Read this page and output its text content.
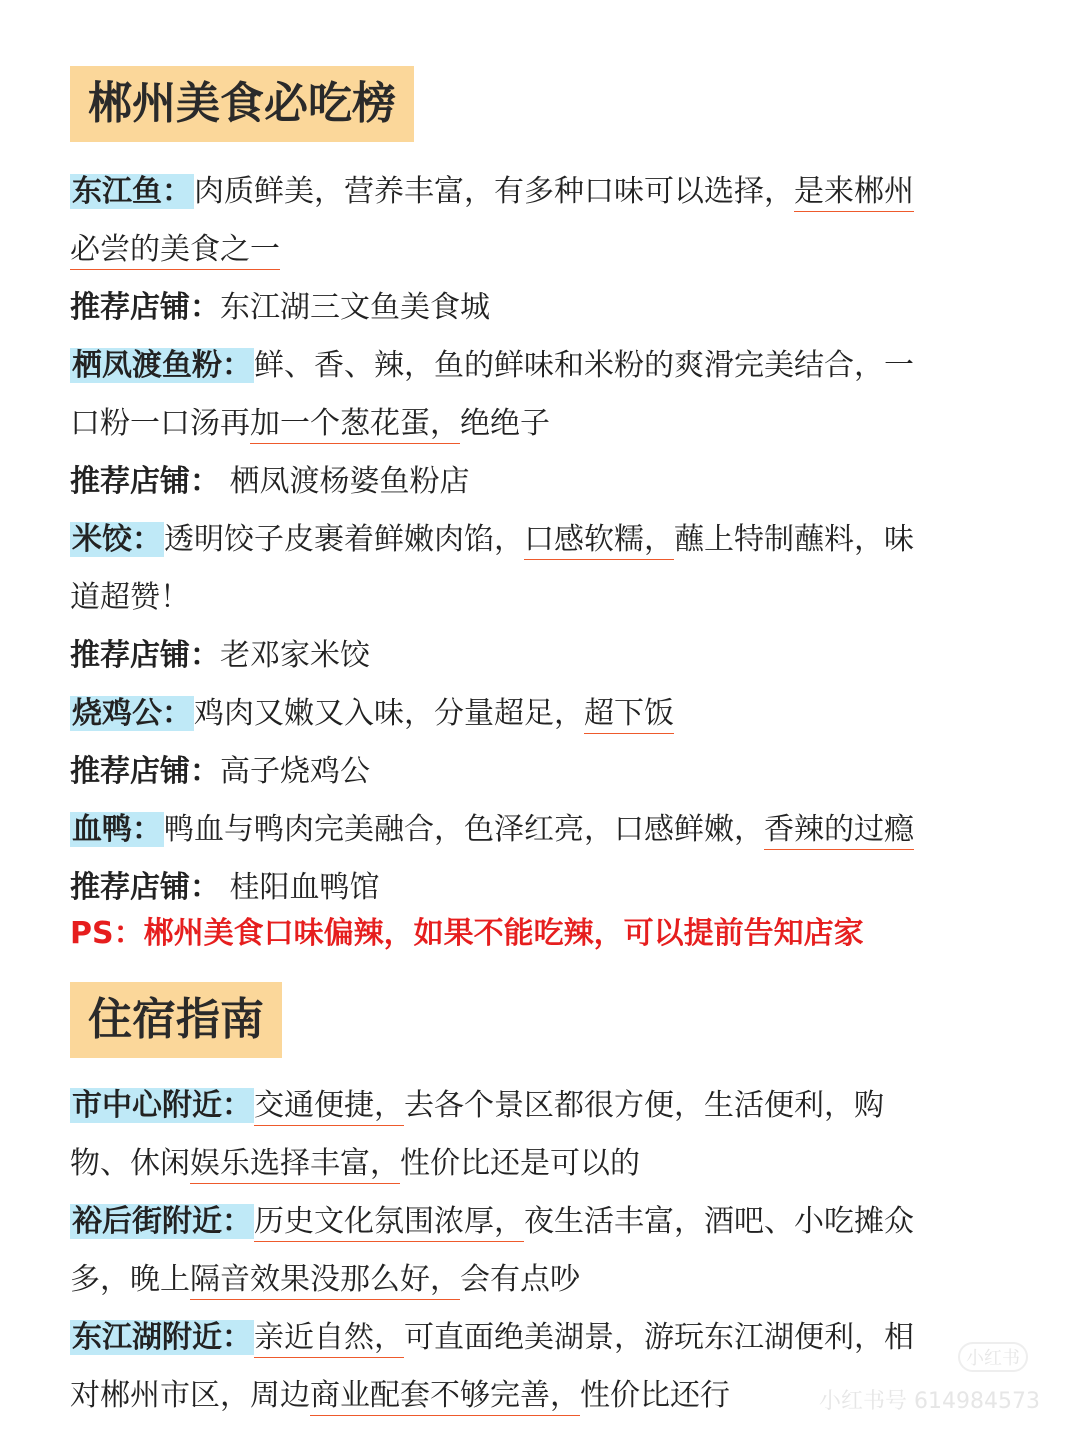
郴州美食必吃榜
东江鱼：肉质鲜美，营养丰富，有多种口味可以选择，是来郴州
必尝的美食之一
推荐店铺：东江湖三文鱼美食城
栖凤渡鱼粉：鲜、香、辣，鱼的鲜味和米粉的爽滑完美结合，一
口粉一口汤再加一个葱花蛋，绝绝子
推荐店铺： 栖凤渡杨婆鱼粉店
米饺：透明饺子皮裹着鲜嫩肉馅，口感软糯，蘸上特制蘸料，味
道超赞！
推荐店铺：老邓家米饺
烧鸡公：鸡肉又嫩又入味，分量超足，超下饭
推荐店铺：高子烧鸡公
血鸭：鸭血与鸭肉完美融合，色泽红亮，口感鲜嫩，香辣的过瘾
推荐店铺： 桂阳血鸭馆
PS：郴州美食口味偏辣，如果不能吃辣，可以提前告知店家
住宿指南
市中心附近：交通便捷，去各个景区都很方便，生活便利，购
物、休闲娱乐选择丰富，性价比还是可以的
裕后街附近：历史文化氛围浓厚，夜生活丰富，酒吧、小吃摊众
多，晚上隔音效果没那么好，会有点吵
东江湖附近：亲近自然，可直面绝美湖景，游玩东江湖便利，相
对郴州市区，周边商业配套不够完善，性价比还行
小红书
小红书号 614984573
